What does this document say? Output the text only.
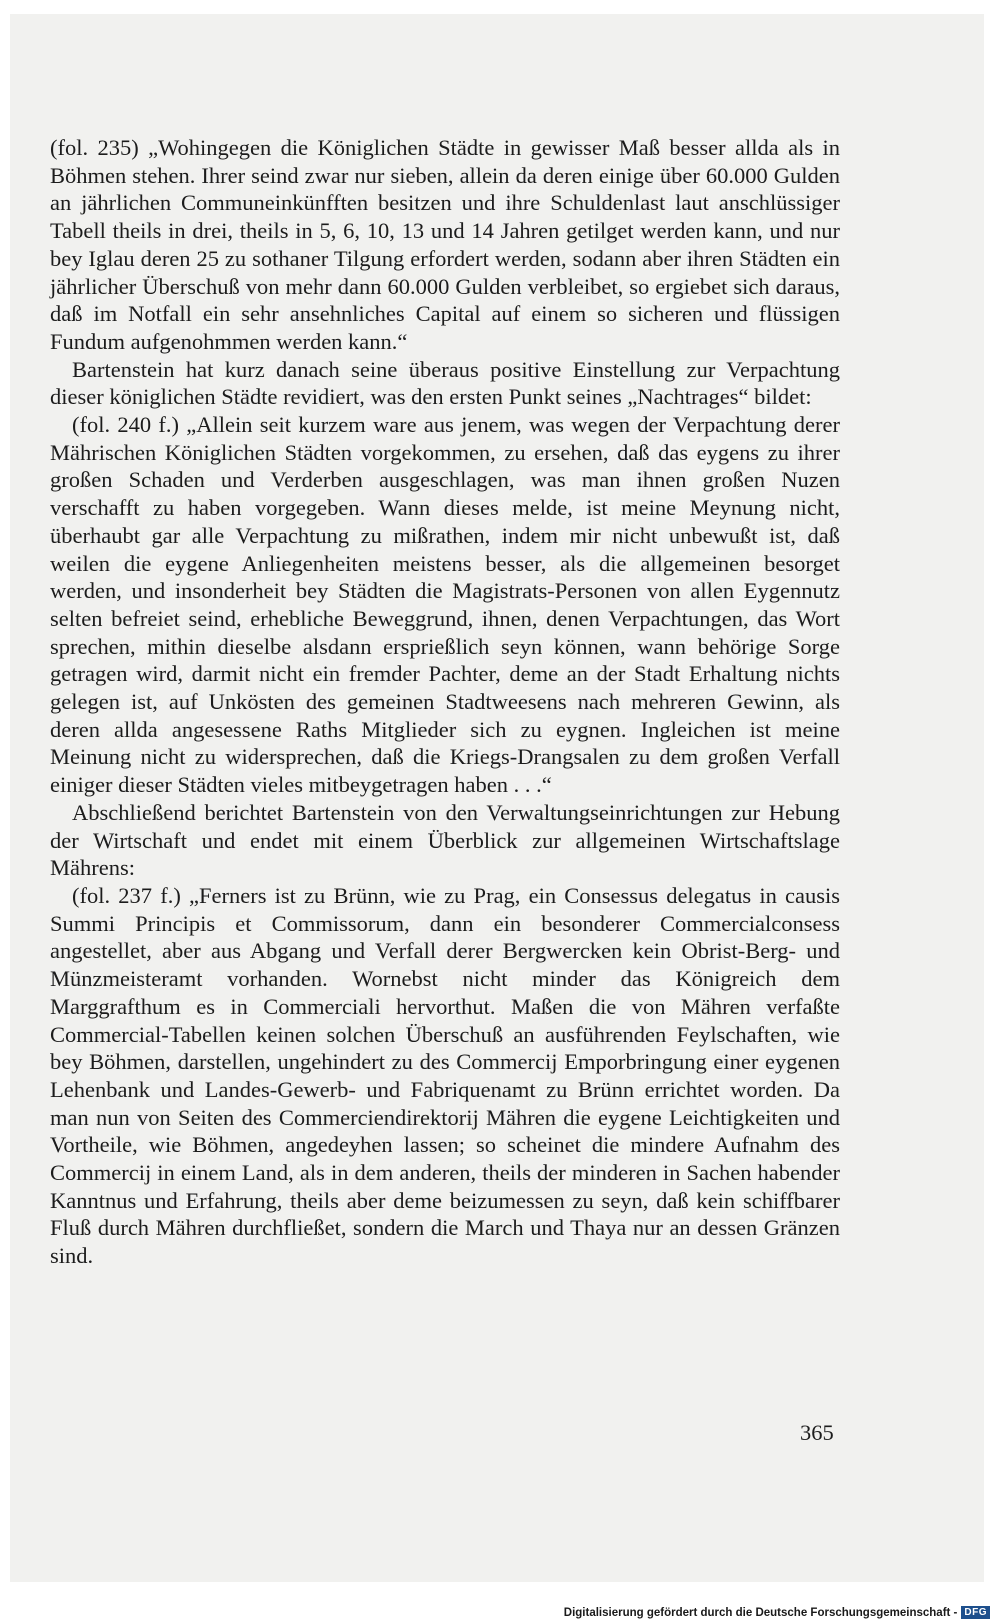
(fol. 235) „Wohingegen die Königlichen Städte in gewisser Maß besser allda als in Böhmen stehen. Ihrer seind zwar nur sieben, allein da deren einige über 60.000 Gulden an jährlichen Communeinkünfften besitzen und ihre Schuldenlast laut anschlüssiger Tabell theils in drei, theils in 5, 6, 10, 13 und 14 Jahren getilget werden kann, und nur bey Iglau deren 25 zu sothaner Tilgung erfordert werden, sodann aber ihren Städten ein jährlicher Überschuß von mehr dann 60.000 Gulden verbleibet, so ergiebet sich daraus, daß im Notfall ein sehr ansehnliches Capital auf einem so sicheren und flüssigen Fundum aufgenohmmen werden kann.“

Bartenstein hat kurz danach seine überaus positive Einstellung zur Verpachtung dieser königlichen Städte revidiert, was den ersten Punkt seines „Nachtrages“ bildet:

(fol. 240 f.) „Allein seit kurzem ware aus jenem, was wegen der Verpachtung derer Mährischen Königlichen Städten vorgekommen, zu ersehen, daß das eygens zu ihrer großen Schaden und Verderben ausgeschlagen, was man ihnen großen Nuzen verschafft zu haben vorgegeben. Wann dieses melde, ist meine Meynung nicht, überhaubt gar alle Verpachtung zu mißrathen, indem mir nicht unbewußt ist, daß weilen die eygene Anliegenheiten meistens besser, als die allgemeinen besorget werden, und insonderheit bey Städten die Magistrats-Personen von allen Eygennutz selten befreiet seind, erhebliche Beweggrund, ihnen, denen Verpachtungen, das Wort sprechen, mithin dieselbe alsdann ersprießlich seyn können, wann behörige Sorge getragen wird, darmit nicht ein fremder Pachter, deme an der Stadt Erhaltung nichts gelegen ist, auf Unkösten des gemeinen Stadtweesens nach mehreren Gewinn, als deren allda angesessene Raths Mitglieder sich zu eygnen. Ingleichen ist meine Meinung nicht zu widersprechen, daß die Kriegs-Drangsalen zu dem großen Verfall einiger dieser Städten vieles mitbeygetragen haben . . .“

Abschließend berichtet Bartenstein von den Verwaltungseinrichtungen zur Hebung der Wirtschaft und endet mit einem Überblick zur allgemeinen Wirtschaftslage Mährens:

(fol. 237 f.) „Ferners ist zu Brünn, wie zu Prag, ein Consessus delegatus in causis Summi Principis et Commissorum, dann ein besonderer Commercialconsess angestellet, aber aus Abgang und Verfall derer Bergwercken kein Obrist-Berg- und Münzmeisteramt vorhanden. Wornebst nicht minder das Königreich dem Marggrafthum es in Commerciali hervorthut. Maßen die von Mähren verfaßte Commercial-Tabellen keinen solchen Überschuß an ausführenden Feylschaften, wie bey Böhmen, darstellen, ungehindert zu des Commercij Emporbringung einer eygenen Lehenbank und Landes-Gewerb- und Fabriquenamt zu Brünn errichtet worden. Da man nun von Seiten des Commerciendirektorij Mähren die eygene Leichtigkeiten und Vortheile, wie Böhmen, angedeyhen lassen; so scheinet die mindere Aufnahm des Commercij in einem Land, als in dem anderen, theils der minderen in Sachen habender Kanntnus und Erfahrung, theils aber deme beizumessen zu seyn, daß kein schiffbarer Fluß durch Mähren durchfließet, sondern die March und Thaya nur an dessen Gränzen sind.

365
Digitalisierung gefördert durch die Deutsche Forschungsgemeinschaft - DFG
